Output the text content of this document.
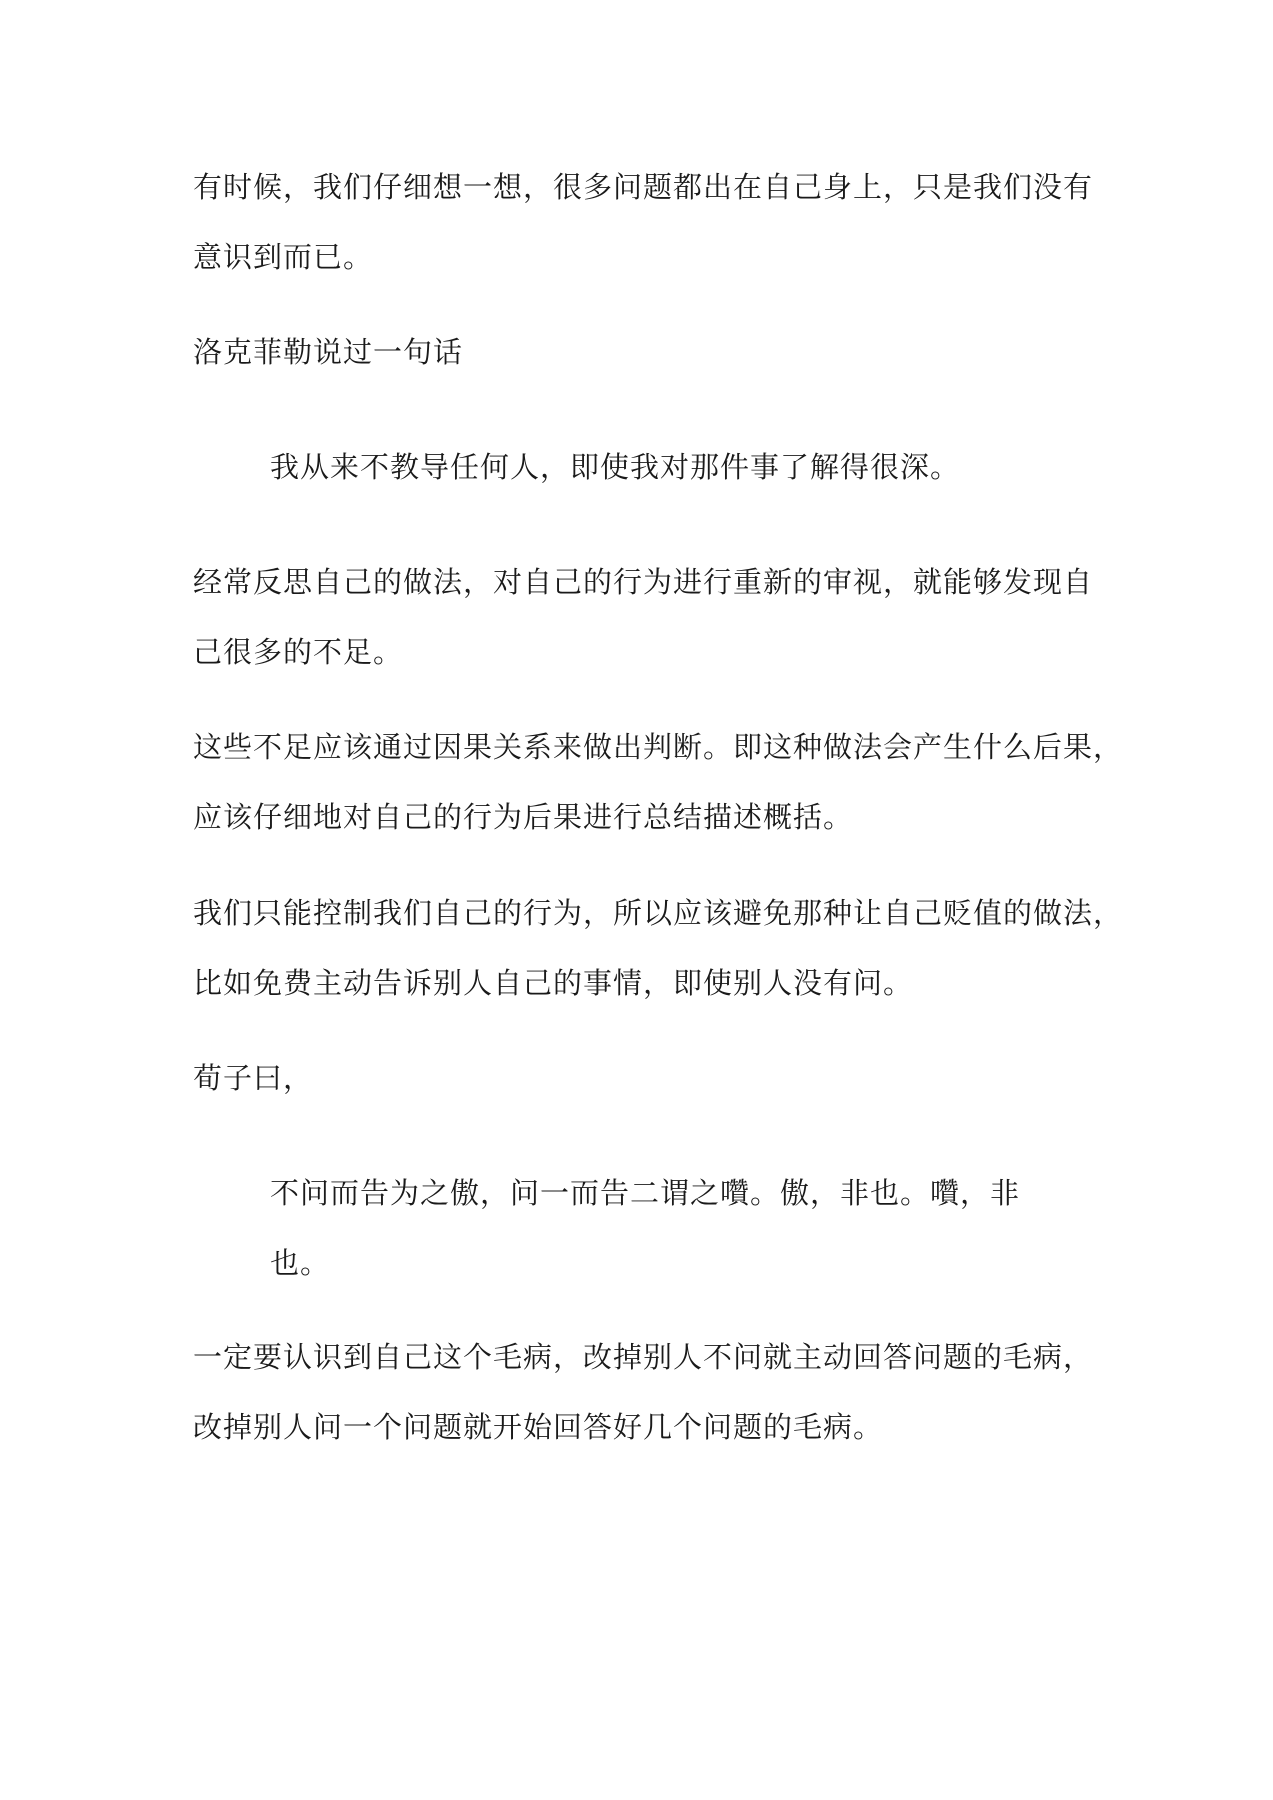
有时候，我们仔细想一想，很多问题都出在自己身上，只是我们没有
意识到而已。

洛克菲勒说过一句话

我从来不教导任何人，即使我对那件事了解得很深。

经常反思自己的做法，对自己的行为进行重新的审视，就能够发现自
己很多的不足。

这些不足应该通过因果关系来做出判断。即这种做法会产生什么后果，
应该仔细地对自己的行为后果进行总结描述概括。

我们只能控制我们自己的行为，所以应该避免那种让自己贬值的做法，
比如免费主动告诉别人自己的事情，即使别人没有问。

荀子曰，

不问而告为之傲，问一而告二谓之囋。傲，非也。囋，非
也。

一定要认识到自己这个毛病，改掉别人不问就主动回答问题的毛病，
改掉别人问一个问题就开始回答好几个问题的毛病。
